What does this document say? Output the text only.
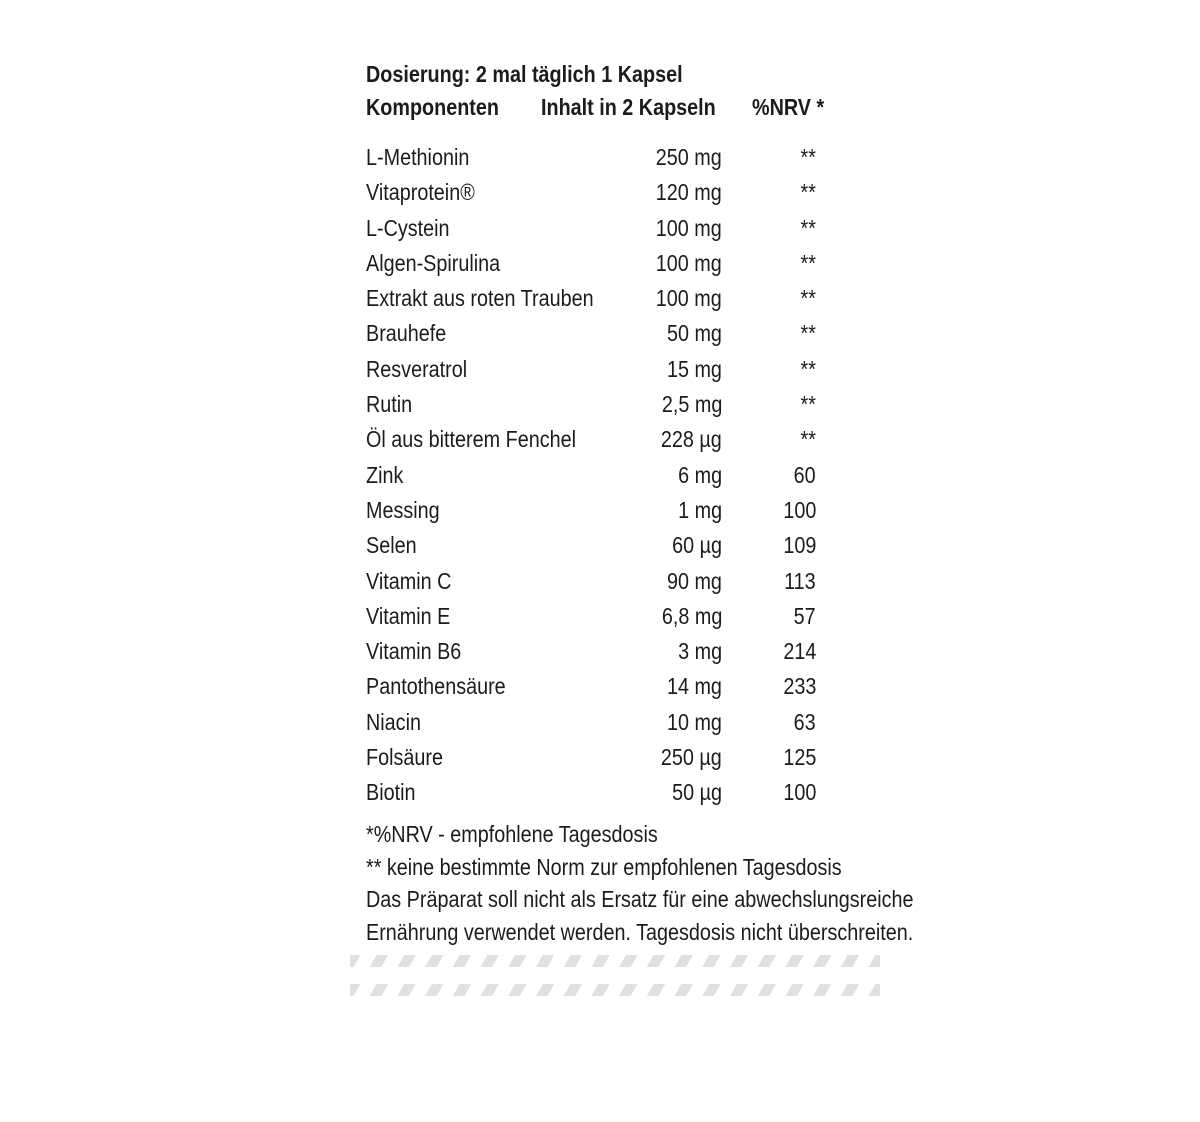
Dosierung: 2 mal täglich 1 Kapsel
Komponenten Inhalt in 2 Kapseln %NRV *
L-Methionin	250 mg	**
Vitaprotein®	120 mg	**
L-Cystein	100 mg	**
Algen-Spirulina	100 mg	**
Extrakt aus roten Trauben	100 mg	**
Brauhefe	50 mg	**
Resveratrol	15 mg	**
Rutin	2,5 mg	**
Öl aus bitterem Fenchel	228 µg	**
Zink	6 mg	60
Messing	1 mg	100
Selen	60 µg	109
Vitamin C	90 mg	113
Vitamin E	6,8 mg	57
Vitamin B6	3 mg	214
Pantothensäure	14 mg	233
Niacin	10 mg	63
Folsäure	250 µg	125
Biotin	50 µg	100
*%NRV - empfohlene Tagesdosis
** keine bestimmte Norm zur empfohlenen Tagesdosis
Das Präparat soll nicht als Ersatz für eine abwechslungsreiche
Ernährung verwendet werden. Tagesdosis nicht überschreiten.
